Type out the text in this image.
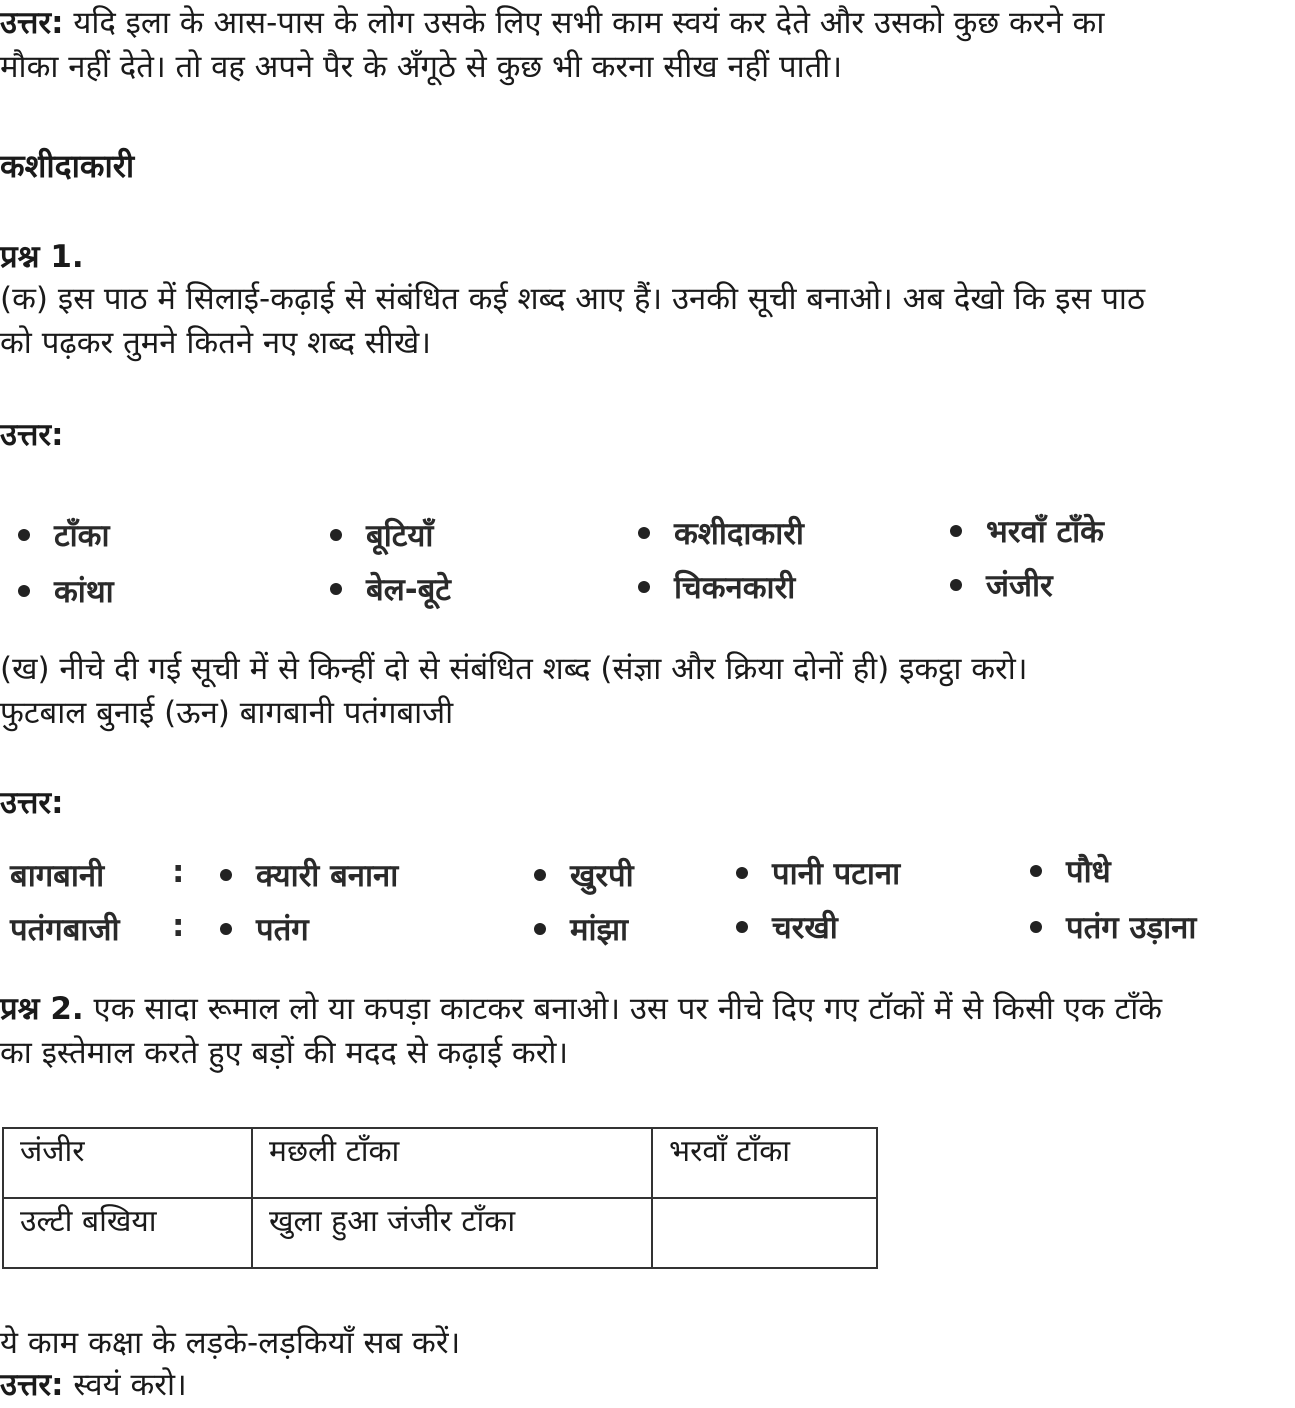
उत्तर: यदि इला के आस-पास के लोग उसके लिए सभी काम स्वयं कर देते और उसको कुछ करने का
मौका नहीं देते। तो वह अपने पैर के अँगूठे से कुछ भी करना सीख नहीं पाती।
कशीदाकारी
प्रश्न 1.
(क) इस पाठ में सिलाई-कढ़ाई से संबंधित कई शब्द आए हैं। उनकी सूची बनाओ। अब देखो कि इस पाठ
को पढ़कर तुमने कितने नए शब्द सीखे।
उत्तर:
टाँका	बूटियाँ	कशीदाकारी	भरवाँ टाँके
कांथा	बेल-बूटे	चिकनकारी	जंजीर
(ख) नीचे दी गई सूची में से किन्हीं दो से संबंधित शब्द (संज्ञा और क्रिया दोनों ही) इकट्ठा करो।
फुटबाल बुनाई (ऊन) बागबानी पतंगबाजी
उत्तर:
बागबानी :	क्यारी बनाना	खुरपी	पानी पटाना	पौधे
पतंगबाजी :	पतंग	मांझा	चरखी	पतंग उड़ाना
प्रश्न 2. एक सादा रूमाल लो या कपड़ा काटकर बनाओ। उस पर नीचे दिए गए टॉकों में से किसी एक टाँके
का इस्तेमाल करते हुए बड़ों की मदद से कढ़ाई करो।
जंजीर	मछली टाँका	भरवाँ टाँका
उल्टी बखिया	खुला हुआ जंजीर टाँका	
ये काम कक्षा के लड़के-लड़कियाँ सब करें।
उत्तर: स्वयं करो।
